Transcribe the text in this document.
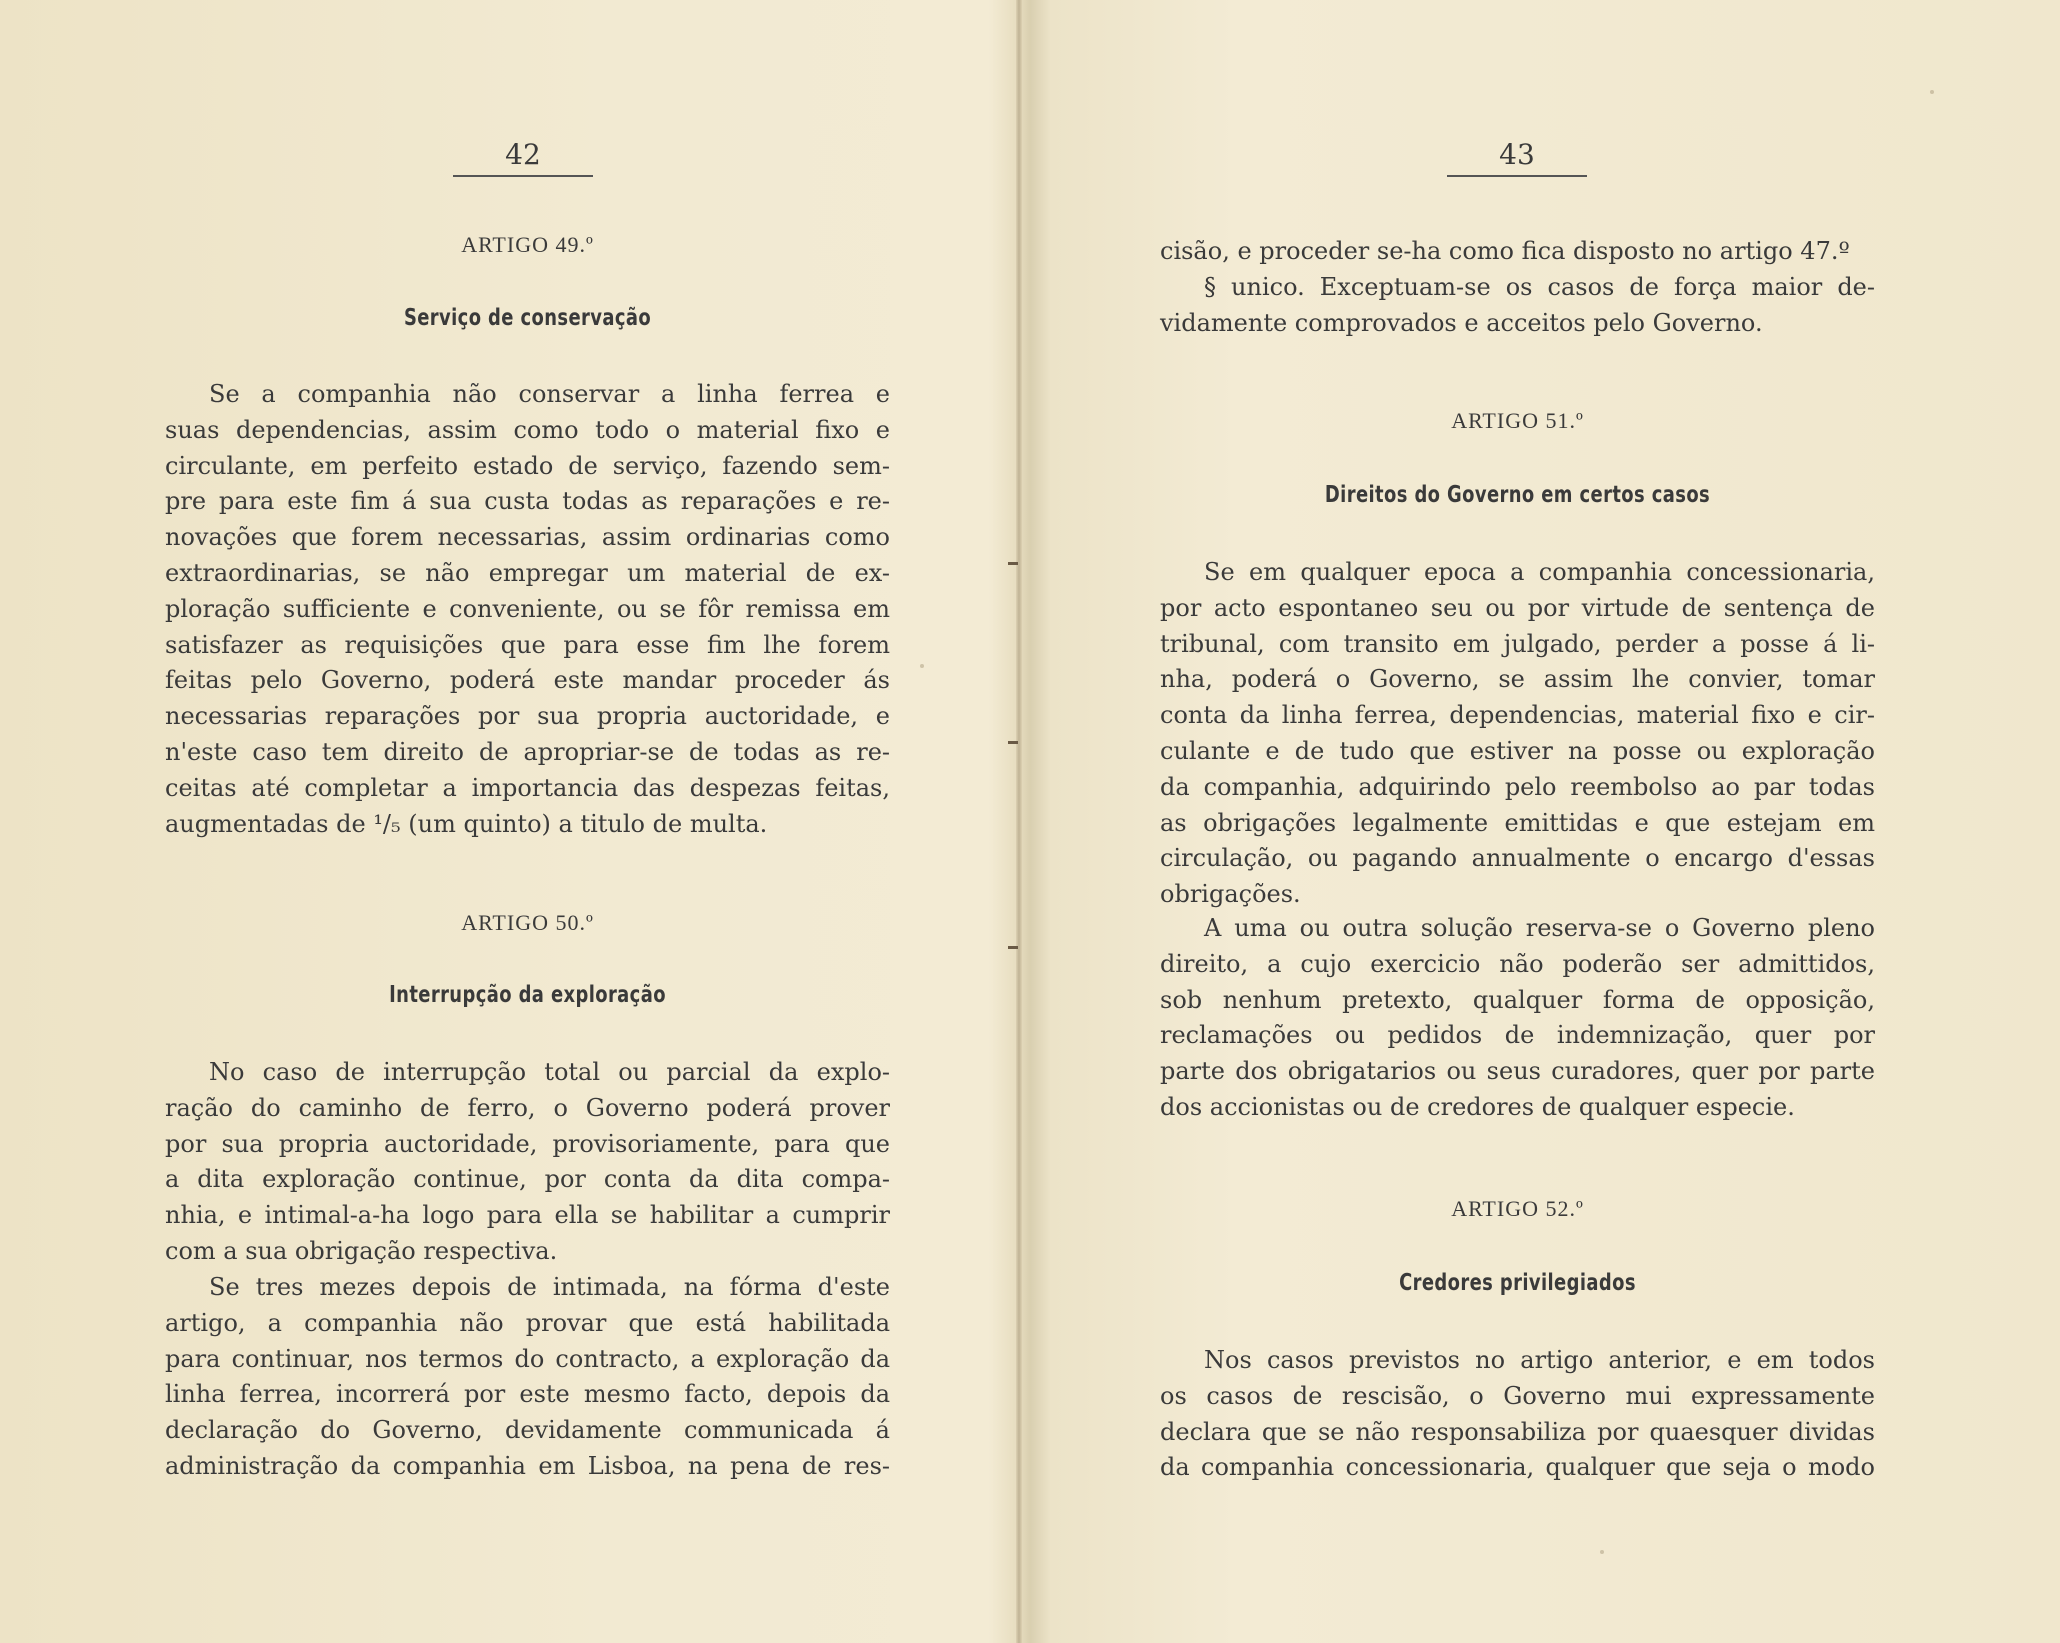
42
ARTIGO 49.º
Serviço de conservação
Se a companhia não conservar a linha ferrea e
suas dependencias, assim como todo o material fixo e
circulante, em perfeito estado de serviço, fazendo sem-
pre para este fim á sua custa todas as reparações e re-
novações que forem necessarias, assim ordinarias como
extraordinarias, se não empregar um material de ex-
ploração sufficiente e conveniente, ou se fôr remissa em
satisfazer as requisições que para esse fim lhe forem
feitas pelo Governo, poderá este mandar proceder ás
necessarias reparações por sua propria auctoridade, e
n'este caso tem direito de apropriar-se de todas as re-
ceitas até completar a importancia das despezas feitas,
augmentadas de ¹/₅ (um quinto) a titulo de multa.
ARTIGO 50.º
Interrupção da exploração
No caso de interrupção total ou parcial da explo-
ração do caminho de ferro, o Governo poderá prover
por sua propria auctoridade, provisoriamente, para que
a dita exploração continue, por conta da dita compa-
nhia, e intimal-a-ha logo para ella se habilitar a cumprir
com a sua obrigação respectiva.
Se tres mezes depois de intimada, na fórma d'este
artigo, a companhia não provar que está habilitada
para continuar, nos termos do contracto, a exploração da
linha ferrea, incorrerá por este mesmo facto, depois da
declaração do Governo, devidamente communicada á
administração da companhia em Lisboa, na pena de res-
43
cisão, e proceder se-ha como fica disposto no artigo 47.º
§ unico. Exceptuam-se os casos de força maior de-
vidamente comprovados e acceitos pelo Governo.
ARTIGO 51.º
Direitos do Governo em certos casos
Se em qualquer epoca a companhia concessionaria,
por acto espontaneo seu ou por virtude de sentença de
tribunal, com transito em julgado, perder a posse á li-
nha, poderá o Governo, se assim lhe convier, tomar
conta da linha ferrea, dependencias, material fixo e cir-
culante e de tudo que estiver na posse ou exploração
da companhia, adquirindo pelo reembolso ao par todas
as obrigações legalmente emittidas e que estejam em
circulação, ou pagando annualmente o encargo d'essas
obrigações.
A uma ou outra solução reserva-se o Governo pleno
direito, a cujo exercicio não poderão ser admittidos,
sob nenhum pretexto, qualquer forma de opposição,
reclamações ou pedidos de indemnização, quer por
parte dos obrigatarios ou seus curadores, quer por parte
dos accionistas ou de credores de qualquer especie.
ARTIGO 52.º
Credores privilegiados
Nos casos previstos no artigo anterior, e em todos
os casos de rescisão, o Governo mui expressamente
declara que se não responsabiliza por quaesquer dividas
da companhia concessionaria, qualquer que seja o modo
